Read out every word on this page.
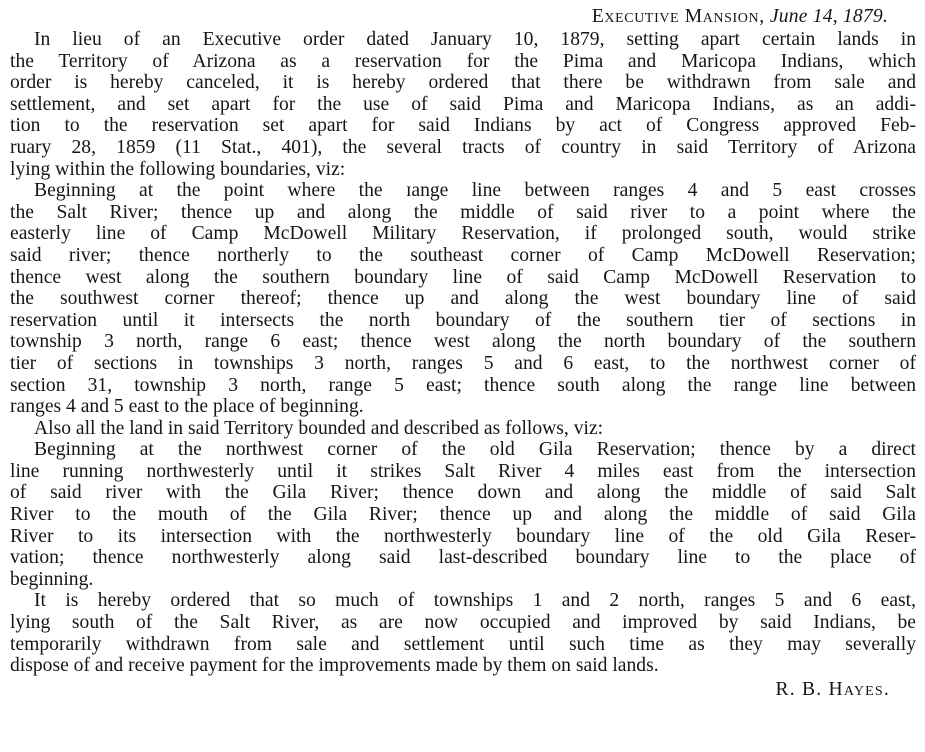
Executive Mansion, June 14, 1879.

In lieu of an Executive order dated January 10, 1879, setting apart certain lands in
the Territory of Arizona as a reservation for the Pima and Maricopa Indians, which
order is hereby canceled, it is hereby ordered that there be withdrawn from sale and
settlement, and set apart for the use of said Pima and Maricopa Indians, as an addi-
tion to the reservation set apart for said Indians by act of Congress approved Feb-
ruary 28, 1859 (11 Stat., 401), the several tracts of country in said Territory of Arizona
lying within the following boundaries, viz:

Beginning at the point where the ɪange line between ranges 4 and 5 east crosses
the Salt River; thence up and along the middle of said river to a point where the
easterly line of Camp McDowell Military Reservation, if prolonged south, would strike
said river; thence northerly to the southeast corner of Camp McDowell Reservation;
thence west along the southern boundary line of said Camp McDowell Reservation to
the southwest corner thereof; thence up and along the west boundary line of said
reservation until it intersects the north boundary of the southern tier of sections in
township 3 north, range 6 east; thence west along the north boundary of the southern
tier of sections in townships 3 north, ranges 5 and 6 east, to the northwest corner of
section 31, township 3 north, range 5 east; thence south along the range line between
ranges 4 and 5 east to the place of beginning.

Also all the land in said Territory bounded and described as follows, viz:

Beginning at the northwest corner of the old Gila Reservation; thence by a direct
line running northwesterly until it strikes Salt River 4 miles east from the intersection
of said river with the Gila River; thence down and along the middle of said Salt
River to the mouth of the Gila River; thence up and along the middle of said Gila
River to its intersection with the northwesterly boundary line of the old Gila Reser-
vation; thence northwesterly along said last-described boundary line to the place of
beginning.

It is hereby ordered that so much of townships 1 and 2 north, ranges 5 and 6 east,
lying south of the Salt River, as are now occupied and improved by said Indians, be
temporarily withdrawn from sale and settlement until such time as they may severally
dispose of and receive payment for the improvements made by them on said lands.

R. B. Hayes.
